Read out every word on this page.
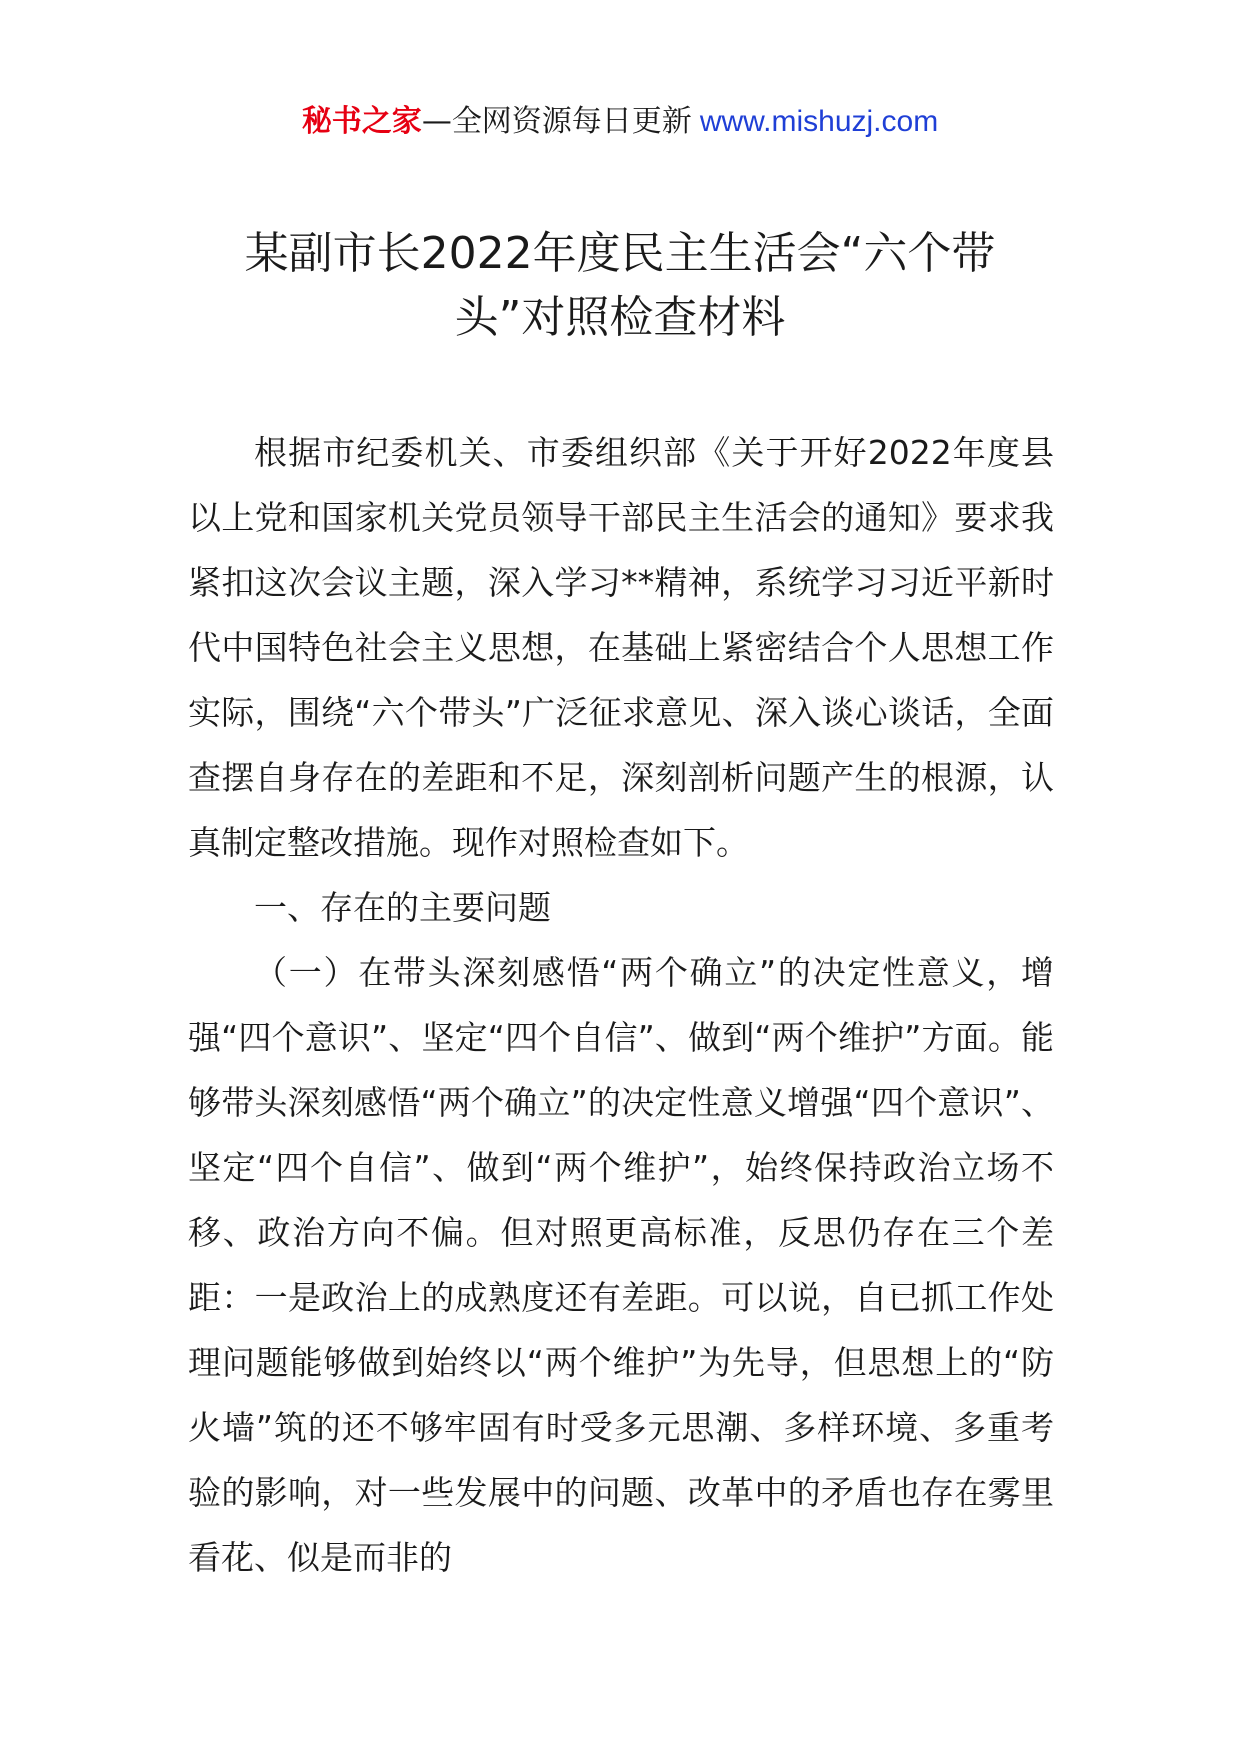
秘书之家—全网资源每日更新 www.mishuzj.com
某副市长2022年度民主生活会“六个带头”对照检查材料

根据市纪委机关、市委组织部《关于开好2022年度县以上党和国家机关党员领导干部民主生活会的通知》要求我紧扣这次会议主题，深入学习**精神，系统学习习近平新时代中国特色社会主义思想，在基础上紧密结合个人思想工作实际，围绕“六个带头”广泛征求意见、深入谈心谈话，全面查摆自身存在的差距和不足，深刻剖析问题产生的根源，认真制定整改措施。现作对照检查如下。

一、存在的主要问题

（一）在带头深刻感悟“两个确立”的决定性意义，增强“四个意识”、坚定“四个自信”、做到“两个维护”方面。能够带头深刻感悟“两个确立”的决定性意义增强“四个意识”、坚定“四个自信”、做到“两个维护”，始终保持政治立场不移、政治方向不偏。但对照更高标准，反思仍存在三个差距：一是政治上的成熟度还有差距。可以说，自已抓工作处理问题能够做到始终以“两个维护”为先导，但思想上的“防火墙”筑的还不够牢固有时受多元思潮、多样环境、多重考验的影响，对一些发展中的问题、改革中的矛盾也存在雾里看花、似是而非的
